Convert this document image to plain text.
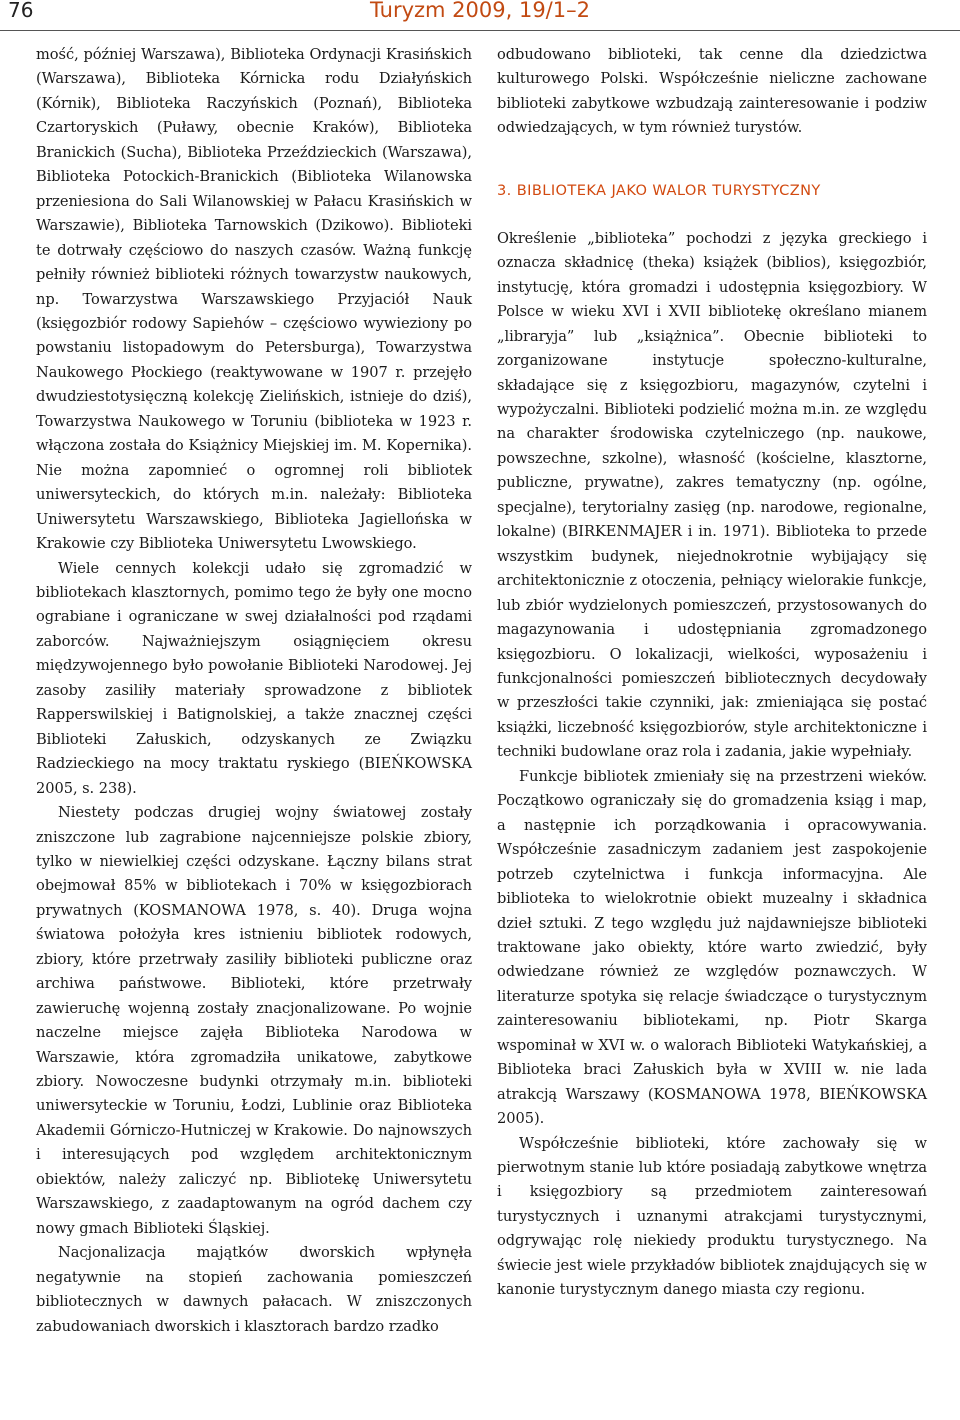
76	Turyzm 2009, 19/1–2

mość, później Warszawa), Biblioteka Ordynacji Krasińskich (Warszawa), Biblioteka Kórnicka rodu Działyńskich (Kórnik), Biblioteka Raczyńskich (Poznań), Biblioteka Czartoryskich (Puławy, obecnie Kraków), Biblioteka Branickich (Sucha), Biblioteka Przeździeckich (Warszawa), Biblioteka Potockich-Branickich (Biblioteka Wilanowska przeniesiona do Sali Wilanowskiej w Pałacu Krasińskich w Warszawie), Biblioteka Tarnowskich (Dzikowo). Biblioteki te dotrwały częściowo do naszych czasów. Ważną funkcję pełniły również biblioteki różnych towarzystw naukowych, np. Towarzystwa Warszawskiego Przyjaciół Nauk (księgozbiór rodowy Sapiehów – częściowo wywieziony po powstaniu listopadowym do Petersburga), Towarzystwa Naukowego Płockiego (reaktywowane w 1907 r. przejęło dwudziestotysięczną kolekcję Zielińskich, istnieje do dziś), Towarzystwa Naukowego w Toruniu (biblioteka w 1923 r. włączona została do Książnicy Miejskiej im. M. Kopernika). Nie można zapomnieć o ogromnej roli bibliotek uniwersyteckich, do których m.in. należały: Biblioteka Uniwersytetu Warszawskiego, Biblioteka Jagiellońska w Krakowie czy Biblioteka Uniwersytetu Lwowskiego.

Wiele cennych kolekcji udało się zgromadzić w bibliotekach klasztornych, pomimo tego że były one mocno ograbiane i ograniczane w swej działalności pod rządami zaborców. Najważniejszym osiągnięciem okresu międzywojennego było powołanie Biblioteki Narodowej. Jej zasoby zasiliły materiały sprowadzone z bibliotek Rapperswilskiej i Batignolskiej, a także znacznej części Biblioteki Załuskich, odzyskanych ze Związku Radzieckiego na mocy traktatu ryskiego (BIEŃKOWSKA 2005, s. 238).

Niestety podczas drugiej wojny światowej zostały zniszczone lub zagrabione najcenniejsze polskie zbiory, tylko w niewielkiej części odzyskane. Łączny bilans strat obejmował 85% w bibliotekach i 70% w księgozbiorach prywatnych (KOSMANOWA 1978, s. 40). Druga wojna światowa położyła kres istnieniu bibliotek rodowych, zbiory, które przetrwały zasiliły biblioteki publiczne oraz archiwa państwowe. Biblioteki, które przetrwały zawieruchę wojenną zostały znacjonalizowane. Po wojnie naczelne miejsce zajęła Biblioteka Narodowa w Warszawie, która zgromadziła unikatowe, zabytkowe zbiory. Nowoczesne budynki otrzymały m.in. biblioteki uniwersyteckie w Toruniu, Łodzi, Lublinie oraz Biblioteka Akademii Górniczo-Hutniczej w Krakowie. Do najnowszych i interesujących pod względem architektonicznym obiektów, należy zaliczyć np. Bibliotekę Uniwersytetu Warszawskiego, z zaadaptowanym na ogród dachem czy nowy gmach Biblioteki Śląskiej.

Nacjonalizacja majątków dworskich wpłynęła negatywnie na stopień zachowania pomieszczeń bibliotecznych w dawnych pałacach. W zniszczonych zabudowaniach dworskich i klasztorach bardzo rzadko

odbudowano biblioteki, tak cenne dla dziedzictwa kulturowego Polski. Współcześnie nieliczne zachowane biblioteki zabytkowe wzbudzają zainteresowanie i podziw odwiedzających, w tym również turystów.

3. BIBLIOTEKA JAKO WALOR TURYSTYCZNY

Określenie „biblioteka” pochodzi z języka greckiego i oznacza składnicę (theka) książek (biblios), księgozbiór, instytucję, która gromadzi i udostępnia księgozbiory. W Polsce w wieku XVI i XVII bibliotekę określano mianem „libraryja” lub „książnica”. Obecnie biblioteki to zorganizowane instytucje społeczno-kulturalne, składające się z księgozbioru, magazynów, czytelni i wypożyczalni. Biblioteki podzielić można m.in. ze względu na charakter środowiska czytelniczego (np. naukowe, powszechne, szkolne), własność (kościelne, klasztorne, publiczne, prywatne), zakres tematyczny (np. ogólne, specjalne), terytorialny zasięg (np. narodowe, regionalne, lokalne) (BIRKENMAJER i in. 1971). Biblioteka to przede wszystkim budynek, niejednokrotnie wybijający się architektonicznie z otoczenia, pełniący wielorakie funkcje, lub zbiór wydzielonych pomieszczeń, przystosowanych do magazynowania i udostępniania zgromadzonego księgozbioru. O lokalizacji, wielkości, wyposażeniu i funkcjonalności pomieszczeń bibliotecznych decydowały w przeszłości takie czynniki, jak: zmieniająca się postać książki, liczebność księgozbiorów, style architektoniczne i techniki budowlane oraz rola i zadania, jakie wypełniały.

Funkcje bibliotek zmieniały się na przestrzeni wieków. Początkowo ograniczały się do gromadzenia ksiąg i map, a następnie ich porządkowania i opracowywania. Współcześnie zasadniczym zadaniem jest zaspokojenie potrzeb czytelnictwa i funkcja informacyjna. Ale biblioteka to wielokrotnie obiekt muzealny i składnica dzieł sztuki. Z tego względu już najdawniejsze biblioteki traktowane jako obiekty, które warto zwiedzić, były odwiedzane również ze względów poznawczych. W literaturze spotyka się relacje świadczące o turystycznym zainteresowaniu bibliotekami, np. Piotr Skarga wspominał w XVI w. o walorach Biblioteki Watykańskiej, a Biblioteka braci Załuskich była w XVIII w. nie lada atrakcją Warszawy (KOSMANOWA 1978, BIEŃKOWSKA 2005).

Współcześnie biblioteki, które zachowały się w pierwotnym stanie lub które posiadają zabytkowe wnętrza i księgozbiory są przedmiotem zainteresowań turystycznych i uznanymi atrakcjami turystycznymi, odgrywając rolę niekiedy produktu turystycznego. Na świecie jest wiele przykładów bibliotek znajdujących się w kanonie turystycznym danego miasta czy regionu.
